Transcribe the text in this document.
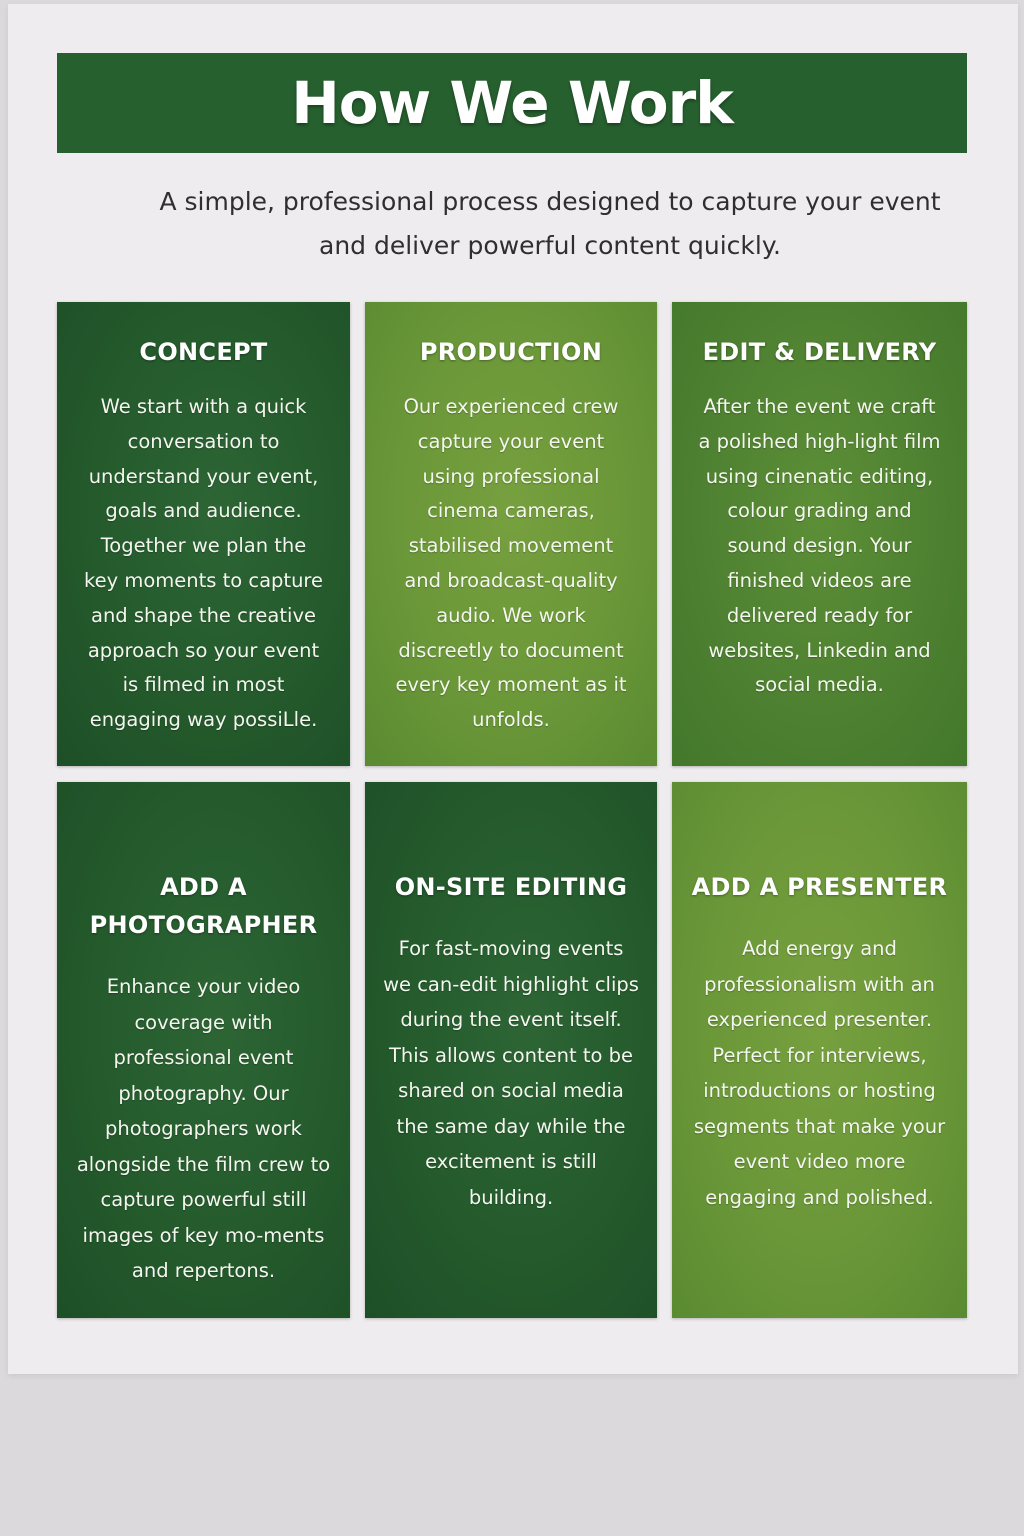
How We Work

A simple, professional process designed to capture your event and deliver powerful content quickly.

CONCEPT

We start with a quick conversation to understand your event, goals and audience. Together we plan the key moments to capture and shape the creative approach so your event is filmed in most engaging way possiLle.

PRODUCTION

Our experienced crew capture your event using professional cinema cameras, stabilised movement and broadcast-quality audio. We work discreetly to document every key moment as it unfolds.

EDIT & DELIVERY

After the event we craft a polished high-light film using cinenatic editing, colour grading and sound design. Your finished videos are delivered ready for websites, Linkedin and social media.

ADD A PHOTOGRAPHER

Enhance your video coverage with professional event photography. Our photographers work alongside the film crew to capture powerful still images of key mo-ments and repertons.

ON-SITE EDITING

For fast-moving events we can-edit highlight clips during the event itself. This allows content to be shared on social media the same day while the excitement is still building.

ADD A PRESENTER

Add energy and professionalism with an experienced presenter. Perfect for interviews, introductions or hosting segments that make your event video more engaging and polished.
